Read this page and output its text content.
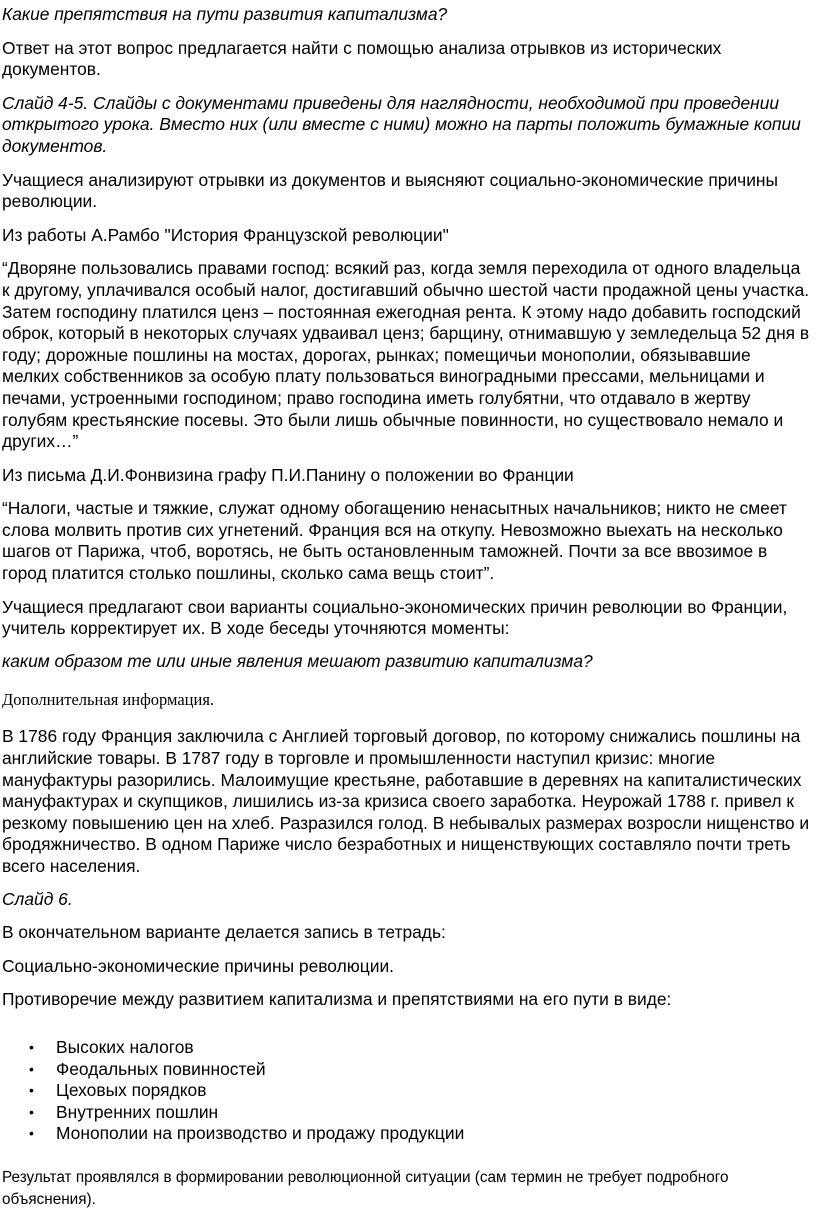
Какие препятствия на пути развития капитализма?

Ответ на этот вопрос предлагается найти с помощью анализа отрывков из исторических документов.

Слайд 4-5. Слайды с документами приведены для наглядности, необходимой при проведении открытого урока. Вместо них (или вместе с ними) можно на парты положить бумажные копии документов.

Учащиеся анализируют отрывки из документов и выясняют социально-экономические причины революции.

Из работы А.Рамбо "История Французской революции"

“Дворяне пользовались правами господ: всякий раз, когда земля переходила от одного владельца к другому, уплачивался особый налог, достигавший обычно шестой части продажной цены участка. Затем господину платился ценз – постоянная ежегодная рента. К этому надо добавить господский оброк, который в некоторых случаях удваивал ценз; барщину, отнимавшую у земледельца 52 дня в году; дорожные пошлины на мостах, дорогах, рынках; помещичьи монополии, обязывавшие мелких собственников за особую плату пользоваться виноградными прессами, мельницами и печами, устроенными господином; право господина иметь голубятни, что отдавало в жертву голубям крестьянские посевы. Это были лишь обычные повинности, но существовало немало и других…”

Из письма Д.И.Фонвизина графу П.И.Панину о положении во Франции

“Налоги, частые и тяжкие, служат одному обогащению ненасытных начальников; никто не смеет слова молвить против сих угнетений. Франция вся на откупу. Невозможно выехать на несколько шагов от Парижа, чтоб, воротясь, не быть остановленным таможней. Почти за все ввозимое в город платится столько пошлины, сколько сама вещь стоит”.

Учащиеся предлагают свои варианты социально-экономических причин революции во Франции, учитель корректирует их. В ходе беседы уточняются моменты:

каким образом те или иные явления мешают развитию капитализма?

Дополнительная информация.

В 1786 году Франция заключила с Англией торговый договор, по которому снижались пошлины на английские товары. В 1787 году в торговле и промышленности наступил кризис: многие мануфактуры разорились. Малоимущие крестьяне, работавшие в деревнях на капиталистических мануфактурах и скупщиков, лишились из-за кризиса своего заработка. Неурожай 1788 г. привел к резкому повышению цен на хлеб. Разразился голод. В небывалых размерах возросли нищенство и бродяжничество. В одном Париже число безработных и нищенствующих составляло почти треть всего населения.

Слайд 6.

В окончательном варианте делается запись в тетрадь:

Социально-экономические причины революции.

Противоречие между развитием капитализма и препятствиями на его пути в виде:

• Высоких налогов
• Феодальных повинностей
• Цеховых порядков
• Внутренних пошлин
• Монополии на производство и продажу продукции

Результат проявлялся в формировании революционной ситуации (сам термин не требует подробного объяснения).
